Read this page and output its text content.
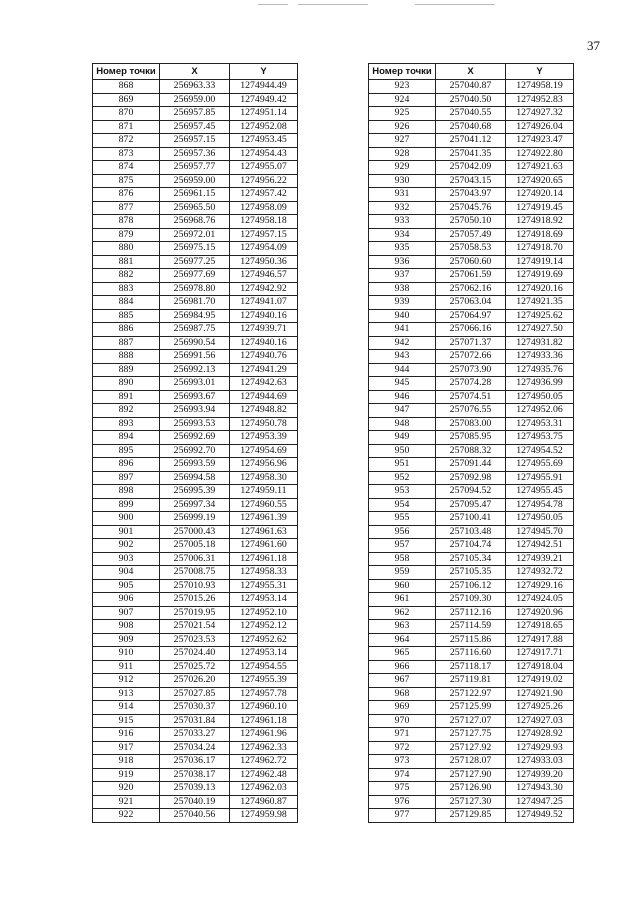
37
Номер точки	X	Y
868	256963.33	1274944.49
869	256959.00	1274949.42
870	256957.85	1274951.14
871	256957.45	1274952.08
872	256957.15	1274953.45
873	256957.36	1274954.43
874	256957.77	1274955.07
875	256959.00	1274956.22
876	256961.15	1274957.42
877	256965.50	1274958.09
878	256968.76	1274958.18
879	256972.01	1274957.15
880	256975.15	1274954.09
881	256977.25	1274950.36
882	256977.69	1274946.57
883	256978.80	1274942.92
884	256981.70	1274941.07
885	256984.95	1274940.16
886	256987.75	1274939.71
887	256990.54	1274940.16
888	256991.56	1274940.76
889	256992.13	1274941.29
890	256993.01	1274942.63
891	256993.67	1274944.69
892	256993.94	1274948.82
893	256993.53	1274950.78
894	256992.69	1274953.39
895	256992.70	1274954.69
896	256993.59	1274956.96
897	256994.58	1274958.30
898	256995.39	1274959.11
899	256997.34	1274960.55
900	256999.19	1274961.39
901	257000.43	1274961.63
902	257005.18	1274961.60
903	257006.31	1274961.18
904	257008.75	1274958.33
905	257010.93	1274955.31
906	257015.26	1274953.14
907	257019.95	1274952.10
908	257021.54	1274952.12
909	257023.53	1274952.62
910	257024.40	1274953.14
911	257025.72	1274954.55
912	257026.20	1274955.39
913	257027.85	1274957.78
914	257030.37	1274960.10
915	257031.84	1274961.18
916	257033.27	1274961.96
917	257034.24	1274962.33
918	257036.17	1274962.72
919	257038.17	1274962.48
920	257039.13	1274962.03
921	257040.19	1274960.87
922	257040.56	1274959.98
Номер точки	X	Y
923	257040.87	1274958.19
924	257040.50	1274952.83
925	257040.55	1274927.32
926	257040.68	1274926.04
927	257041.12	1274923.47
928	257041.35	1274922.80
929	257042.09	1274921.63
930	257043.15	1274920.65
931	257043.97	1274920.14
932	257045.76	1274919.45
933	257050.10	1274918.92
934	257057.49	1274918.69
935	257058.53	1274918.70
936	257060.60	1274919.14
937	257061.59	1274919.69
938	257062.16	1274920.16
939	257063.04	1274921.35
940	257064.97	1274925.62
941	257066.16	1274927.50
942	257071.37	1274931.82
943	257072.66	1274933.36
944	257073.90	1274935.76
945	257074.28	1274936.99
946	257074.51	1274950.05
947	257076.55	1274952.06
948	257083.00	1274953.31
949	257085.95	1274953.75
950	257088.32	1274954.52
951	257091.44	1274955.69
952	257092.98	1274955.91
953	257094.52	1274955.45
954	257095.47	1274954.78
955	257100.41	1274950.05
956	257103.48	1274945.70
957	257104.74	1274942.51
958	257105.34	1274939.21
959	257105.35	1274932.72
960	257106.12	1274929.16
961	257109.30	1274924.05
962	257112.16	1274920.96
963	257114.59	1274918.65
964	257115.86	1274917.88
965	257116.60	1274917.71
966	257118.17	1274918.04
967	257119.81	1274919.02
968	257122.97	1274921.90
969	257125.99	1274925.26
970	257127.07	1274927.03
971	257127.75	1274928.92
972	257127.92	1274929.93
973	257128.07	1274933.03
974	257127.90	1274939.20
975	257126.90	1274943.30
976	257127.30	1274947.25
977	257129.85	1274949.52
